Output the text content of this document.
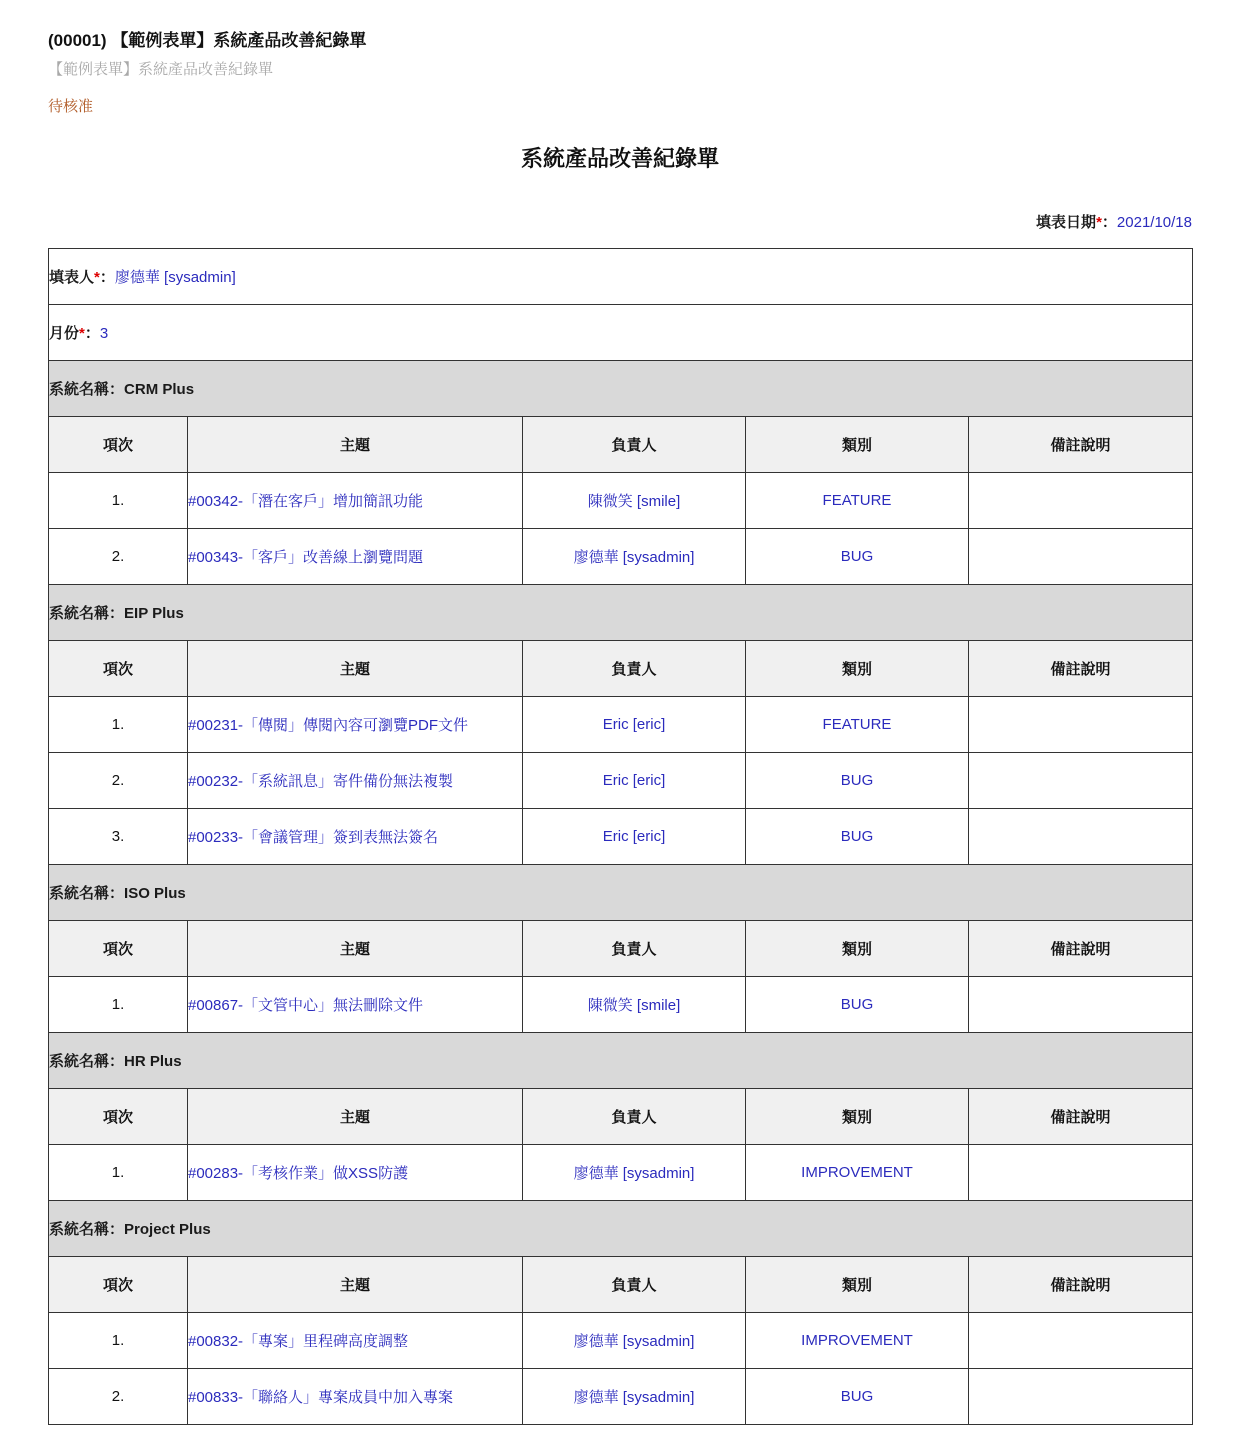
(00001) 【範例表單】系統產品改善紀錄單
【範例表單】系統產品改善紀錄單
待核准
系統產品改善紀錄單
填表日期*：2021/10/18
填表人*：廖德華 [sysadmin]				
月份*：3				
系統名稱：CRM Plus				
項次	主題	負責人	類別	備註說明
1.	#00342-「潛在客戶」增加簡訊功能	陳微笑 [smile]	FEATURE	
2.	#00343-「客戶」改善線上瀏覽問題	廖德華 [sysadmin]	BUG	
系統名稱：EIP Plus				
項次	主題	負責人	類別	備註說明
1.	#00231-「傳閱」傳閱內容可瀏覽PDF文件	Eric [eric]	FEATURE	
2.	#00232-「系統訊息」寄件備份無法複製	Eric [eric]	BUG	
3.	#00233-「會議管理」簽到表無法簽名	Eric [eric]	BUG	
系統名稱：ISO Plus				
項次	主題	負責人	類別	備註說明
1.	#00867-「文管中心」無法刪除文件	陳微笑 [smile]	BUG	
系統名稱：HR Plus				
項次	主題	負責人	類別	備註說明
1.	#00283-「考核作業」做XSS防護	廖德華 [sysadmin]	IMPROVEMENT	
系統名稱：Project Plus				
項次	主題	負責人	類別	備註說明
1.	#00832-「專案」里程碑高度調整	廖德華 [sysadmin]	IMPROVEMENT	
2.	#00833-「聯絡人」專案成員中加入專案	廖德華 [sysadmin]	BUG	
